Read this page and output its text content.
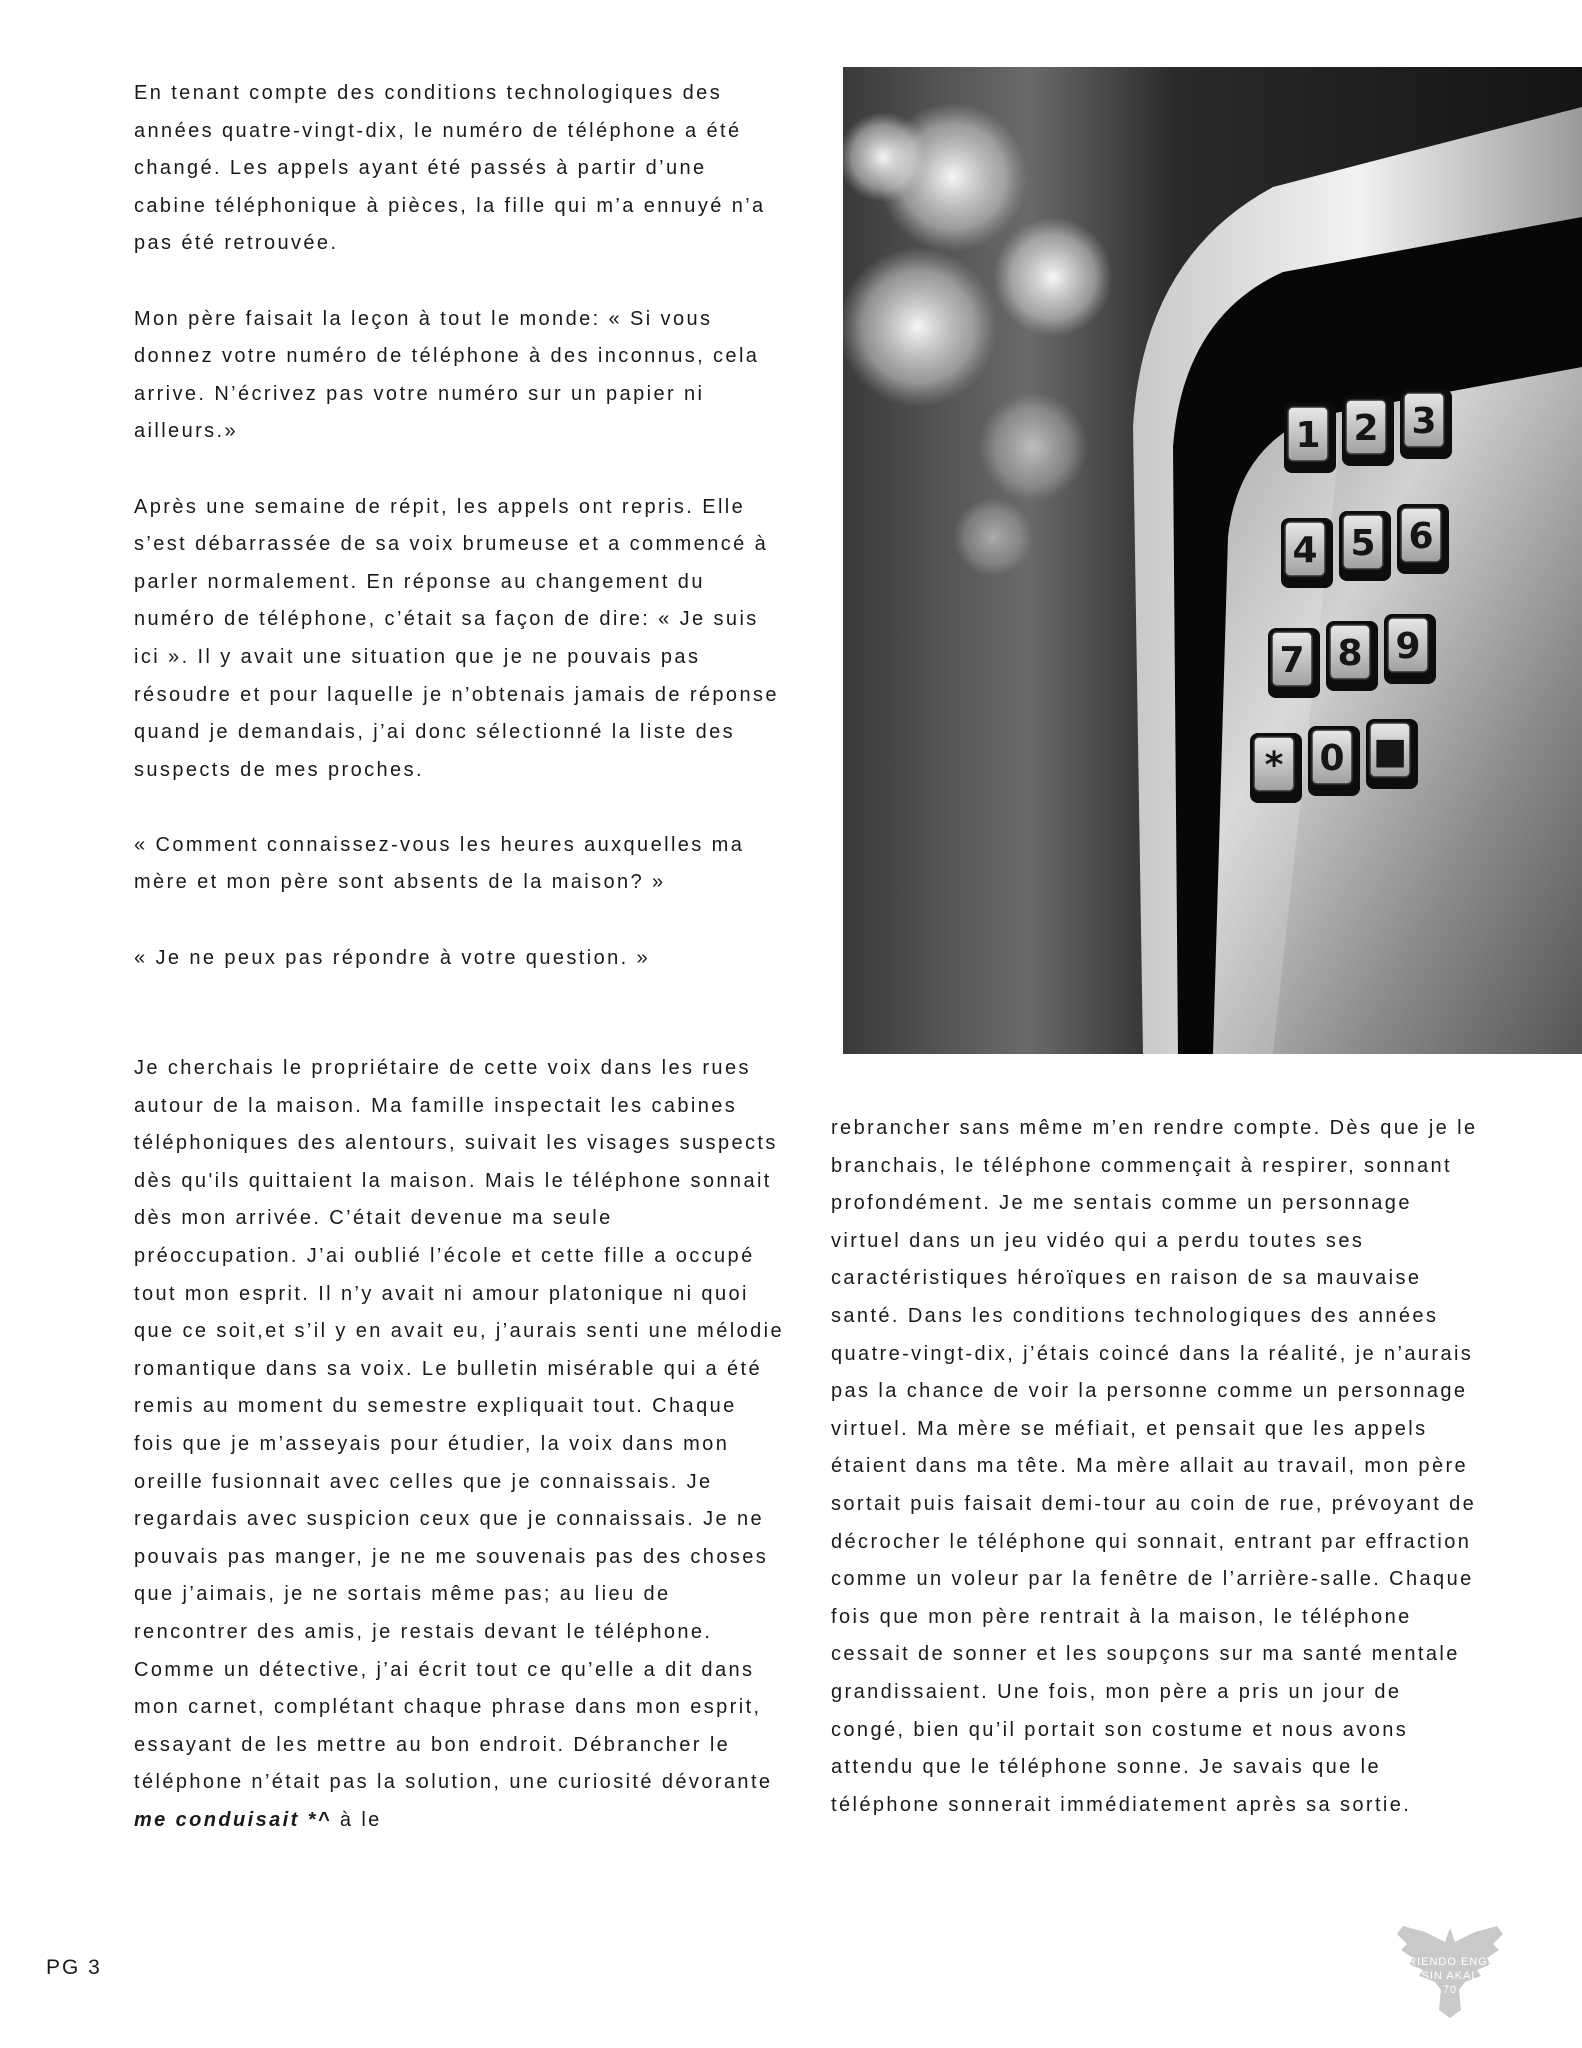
En tenant compte des conditions technologiques des années quatre-vingt-dix, le numéro de téléphone a été changé. Les appels ayant été passés à partir d’une cabine téléphonique à pièces, la fille qui m’a ennuyé n’a pas été retrouvée.

Mon père faisait la leçon à tout le monde: « Si vous donnez votre numéro de téléphone à des inconnus, cela arrive. N’écrivez pas votre numéro sur un papier ni ailleurs.»

Après une semaine de répit, les appels ont repris. Elle s’est débarrassée de sa voix brumeuse et a commencé à parler normalement. En réponse au changement du numéro de téléphone, c’était sa façon de dire: « Je suis ici ». Il y avait une situation que je ne pouvais pas résoudre et pour laquelle je n’obtenais jamais de réponse quand je demandais, j’ai donc sélectionné la liste des suspects de mes proches.

« Comment connaissez-vous les heures auxquelles ma mère et mon père sont absents de la maison? »

« Je ne peux pas répondre à votre question. »

1 2 3
4 5 6
7 8 9
* 0 ■

Je cherchais le propriétaire de cette voix dans les rues autour de la maison. Ma famille inspectait les cabines téléphoniques des alentours, suivait les visages suspects dès qu'ils quittaient la maison. Mais le téléphone sonnait dès mon arrivée. C’était devenue ma seule préoccupation. J’ai oublié l’école et cette fille a occupé tout mon esprit. Il n’y avait ni amour platonique ni quoi que ce soit,et s’il y en avait eu, j’aurais senti une mélodie romantique dans sa voix. Le bulletin misérable qui a été remis au moment du semestre expliquait tout. Chaque fois que je m’asseyais pour étudier, la voix dans mon oreille fusionnait avec celles que je connaissais. Je regardais avec suspicion ceux que je connaissais. Je ne pouvais pas manger, je ne me souvenais pas des choses que j’aimais, je ne sortais même pas; au lieu de rencontrer des amis, je restais devant le téléphone. Comme un détective, j’ai écrit tout ce qu’elle a dit dans mon carnet, complétant chaque phrase dans mon esprit, essayant de les mettre au bon endroit. Débrancher le téléphone n’était pas la solution, une curiosité dévorante me conduisait *^ à le

rebrancher sans même m’en rendre compte. Dès que je le branchais, le téléphone commençait à respirer, sonnant profondément. Je me sentais comme un personnage virtuel dans un jeu vidéo qui a perdu toutes ses caractéristiques héroïques en raison de sa mauvaise santé. Dans les conditions technologiques des années quatre-vingt-dix, j’étais coincé dans la réalité, je n’aurais pas la chance de voir la personne comme un personnage virtuel. Ma mère se méfiait, et pensait que les appels étaient dans ma tête. Ma mère allait au travail, mon père sortait puis faisait demi-tour au coin de rue, prévoyant de décrocher le téléphone qui sonnait, entrant par effraction comme un voleur par la fenêtre de l’arrière-salle. Chaque fois que mon père rentrait à la maison, le téléphone cessait de sonner et les soupçons sur ma santé mentale grandissaient. Une fois, mon père a pris un jour de congé, bien qu’il portait son costume et nous avons attendu que le téléphone sonne. Je savais que le téléphone sonnerait immédiatement après sa sortie.

PG 3	RIENDO ENGI
SIN AKAL
70
